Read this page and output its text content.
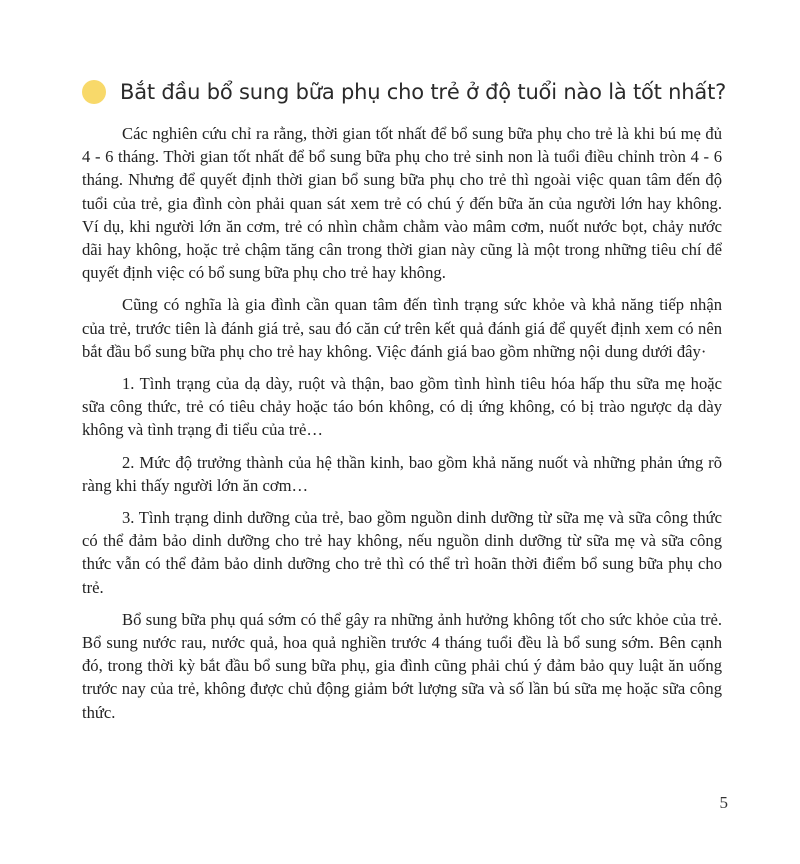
Bắt đầu bổ sung bữa phụ cho trẻ ở độ tuổi nào là tốt nhất?

Các nghiên cứu chỉ ra rằng, thời gian tốt nhất để bổ sung bữa phụ cho trẻ là khi bú mẹ đủ 4 - 6 tháng. Thời gian tốt nhất để bổ sung bữa phụ cho trẻ sinh non là tuổi điều chỉnh tròn 4 - 6 tháng. Nhưng để quyết định thời gian bổ sung bữa phụ cho trẻ thì ngoài việc quan tâm đến độ tuổi của trẻ, gia đình còn phải quan sát xem trẻ có chú ý đến bữa ăn của người lớn hay không. Ví dụ, khi người lớn ăn cơm, trẻ có nhìn chằm chằm vào mâm cơm, nuốt nước bọt, chảy nước dãi hay không, hoặc trẻ chậm tăng cân trong thời gian này cũng là một trong những tiêu chí để quyết định việc có bổ sung bữa phụ cho trẻ hay không.

Cũng có nghĩa là gia đình cần quan tâm đến tình trạng sức khỏe và khả năng tiếp nhận của trẻ, trước tiên là đánh giá trẻ, sau đó căn cứ trên kết quả đánh giá để quyết định xem có nên bắt đầu bổ sung bữa phụ cho trẻ hay không. Việc đánh giá bao gồm những nội dung dưới đây·

1. Tình trạng của dạ dày, ruột và thận, bao gồm tình hình tiêu hóa hấp thu sữa mẹ hoặc sữa công thức, trẻ có tiêu chảy hoặc táo bón không, có dị ứng không, có bị trào ngược dạ dày không và tình trạng đi tiểu của trẻ…

2. Mức độ trưởng thành của hệ thần kinh, bao gồm khả năng nuốt và những phản ứng rõ ràng khi thấy người lớn ăn cơm…

3. Tình trạng dinh dưỡng của trẻ, bao gồm nguồn dinh dưỡng từ sữa mẹ và sữa công thức có thể đảm bảo dinh dưỡng cho trẻ hay không, nếu nguồn dinh dưỡng từ sữa mẹ và sữa công thức vẫn có thể đảm bảo dinh dưỡng cho trẻ thì có thể trì hoãn thời điểm bổ sung bữa phụ cho trẻ.

Bổ sung bữa phụ quá sớm có thể gây ra những ảnh hưởng không tốt cho sức khỏe của trẻ. Bổ sung nước rau, nước quả, hoa quả nghiền trước 4 tháng tuổi đều là bổ sung sớm. Bên cạnh đó, trong thời kỳ bắt đầu bổ sung bữa phụ, gia đình cũng phải chú ý đảm bảo quy luật ăn uống trước nay của trẻ, không được chủ động giảm bớt lượng sữa và số lần bú sữa mẹ hoặc sữa công thức.

5
